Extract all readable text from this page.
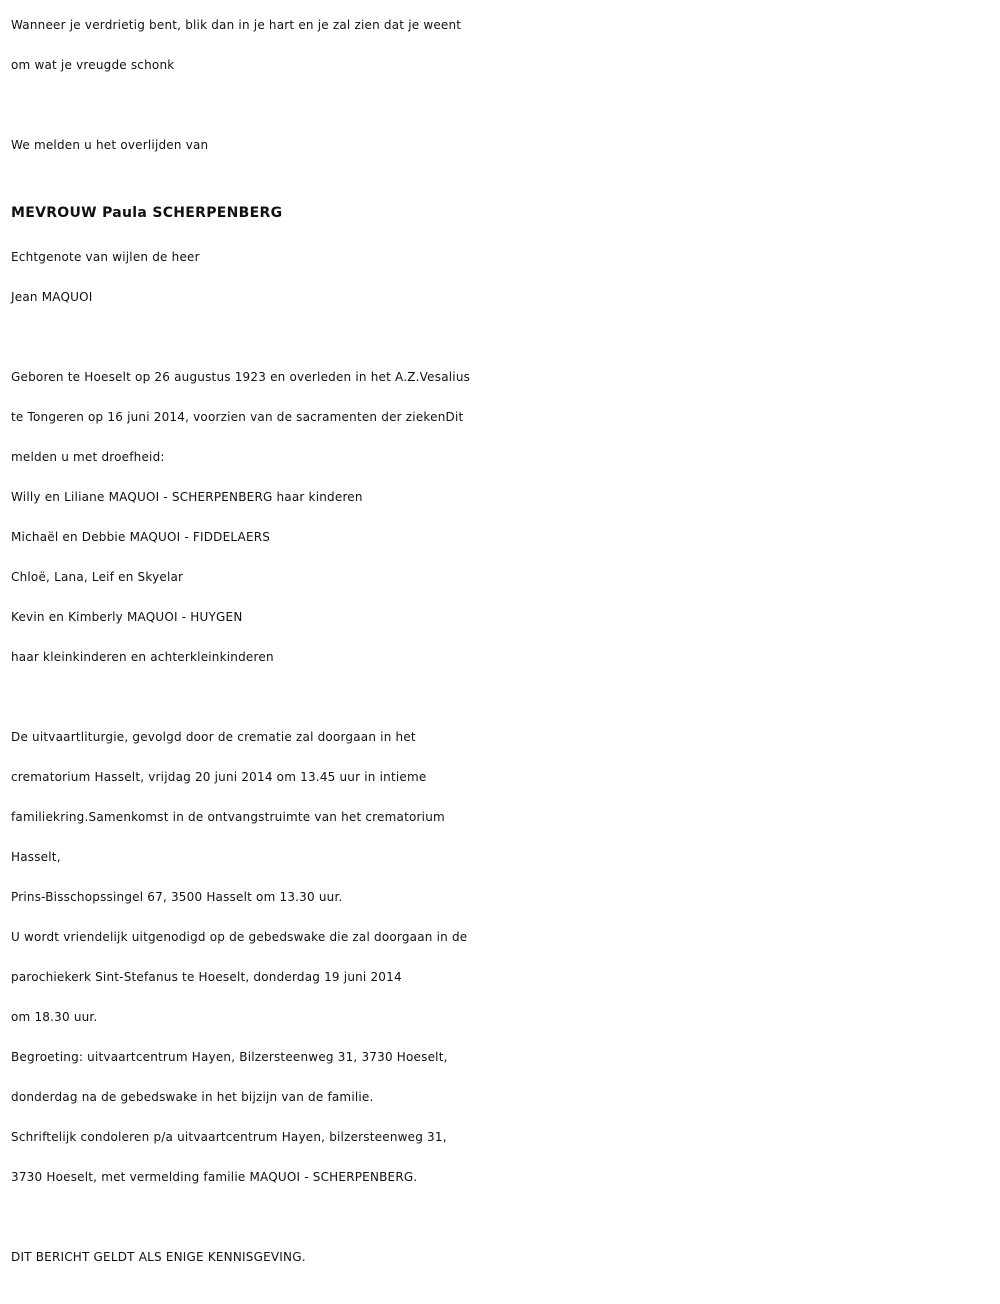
Wanneer je verdrietig bent, blik dan in je hart en je zal zien dat je weent
om wat je vreugde schonk
We melden u het overlijden van
MEVROUW Paula SCHERPENBERG
Echtgenote van wijlen de heer
Jean MAQUOI
Geboren te Hoeselt op 26 augustus 1923 en overleden in het A.Z.Vesalius
te Tongeren op 16 juni 2014, voorzien van de sacramenten der ziekenDit
melden u met droefheid:
Willy en Liliane MAQUOI - SCHERPENBERG haar kinderen
Michaël en Debbie MAQUOI - FIDDELAERS
Chloë, Lana, Leif en Skyelar
Kevin en Kimberly MAQUOI - HUYGEN
haar kleinkinderen en achterkleinkinderen
De uitvaartliturgie, gevolgd door de crematie zal doorgaan in het
crematorium Hasselt, vrijdag 20 juni 2014 om 13.45 uur in intieme
familiekring.Samenkomst in de ontvangstruimte van het crematorium
Hasselt,
Prins-Bisschopssingel 67, 3500 Hasselt om 13.30 uur.
U wordt vriendelijk uitgenodigd op de gebedswake die zal doorgaan in de
parochiekerk Sint-Stefanus te Hoeselt, donderdag 19 juni 2014
om 18.30 uur.
Begroeting: uitvaartcentrum Hayen, Bilzersteenweg 31, 3730 Hoeselt,
donderdag na de gebedswake in het bijzijn van de familie.
Schriftelijk condoleren p/a uitvaartcentrum Hayen, bilzersteenweg 31,
3730 Hoeselt, met vermelding familie MAQUOI - SCHERPENBERG.
DIT BERICHT GELDT ALS ENIGE KENNISGEVING.
